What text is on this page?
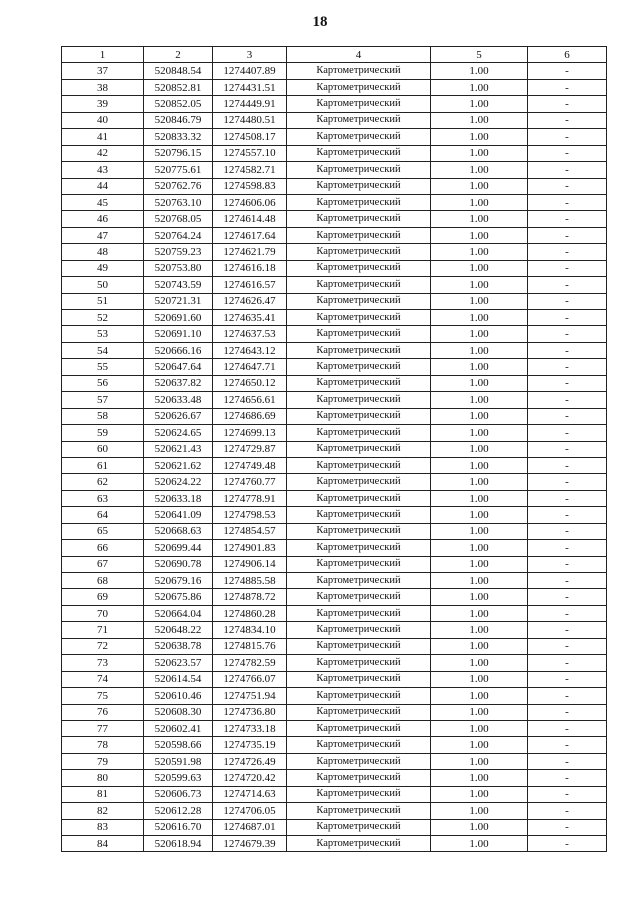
18
1	2	3	4	5	6
37	520848.54	1274407.89	Картометрический	1.00	-
38	520852.81	1274431.51	Картометрический	1.00	-
39	520852.05	1274449.91	Картометрический	1.00	-
40	520846.79	1274480.51	Картометрический	1.00	-
41	520833.32	1274508.17	Картометрический	1.00	-
42	520796.15	1274557.10	Картометрический	1.00	-
43	520775.61	1274582.71	Картометрический	1.00	-
44	520762.76	1274598.83	Картометрический	1.00	-
45	520763.10	1274606.06	Картометрический	1.00	-
46	520768.05	1274614.48	Картометрический	1.00	-
47	520764.24	1274617.64	Картометрический	1.00	-
48	520759.23	1274621.79	Картометрический	1.00	-
49	520753.80	1274616.18	Картометрический	1.00	-
50	520743.59	1274616.57	Картометрический	1.00	-
51	520721.31	1274626.47	Картометрический	1.00	-
52	520691.60	1274635.41	Картометрический	1.00	-
53	520691.10	1274637.53	Картометрический	1.00	-
54	520666.16	1274643.12	Картометрический	1.00	-
55	520647.64	1274647.71	Картометрический	1.00	-
56	520637.82	1274650.12	Картометрический	1.00	-
57	520633.48	1274656.61	Картометрический	1.00	-
58	520626.67	1274686.69	Картометрический	1.00	-
59	520624.65	1274699.13	Картометрический	1.00	-
60	520621.43	1274729.87	Картометрический	1.00	-
61	520621.62	1274749.48	Картометрический	1.00	-
62	520624.22	1274760.77	Картометрический	1.00	-
63	520633.18	1274778.91	Картометрический	1.00	-
64	520641.09	1274798.53	Картометрический	1.00	-
65	520668.63	1274854.57	Картометрический	1.00	-
66	520699.44	1274901.83	Картометрический	1.00	-
67	520690.78	1274906.14	Картометрический	1.00	-
68	520679.16	1274885.58	Картометрический	1.00	-
69	520675.86	1274878.72	Картометрический	1.00	-
70	520664.04	1274860.28	Картометрический	1.00	-
71	520648.22	1274834.10	Картометрический	1.00	-
72	520638.78	1274815.76	Картометрический	1.00	-
73	520623.57	1274782.59	Картометрический	1.00	-
74	520614.54	1274766.07	Картометрический	1.00	-
75	520610.46	1274751.94	Картометрический	1.00	-
76	520608.30	1274736.80	Картометрический	1.00	-
77	520602.41	1274733.18	Картометрический	1.00	-
78	520598.66	1274735.19	Картометрический	1.00	-
79	520591.98	1274726.49	Картометрический	1.00	-
80	520599.63	1274720.42	Картометрический	1.00	-
81	520606.73	1274714.63	Картометрический	1.00	-
82	520612.28	1274706.05	Картометрический	1.00	-
83	520616.70	1274687.01	Картометрический	1.00	-
84	520618.94	1274679.39	Картометрический	1.00	-
